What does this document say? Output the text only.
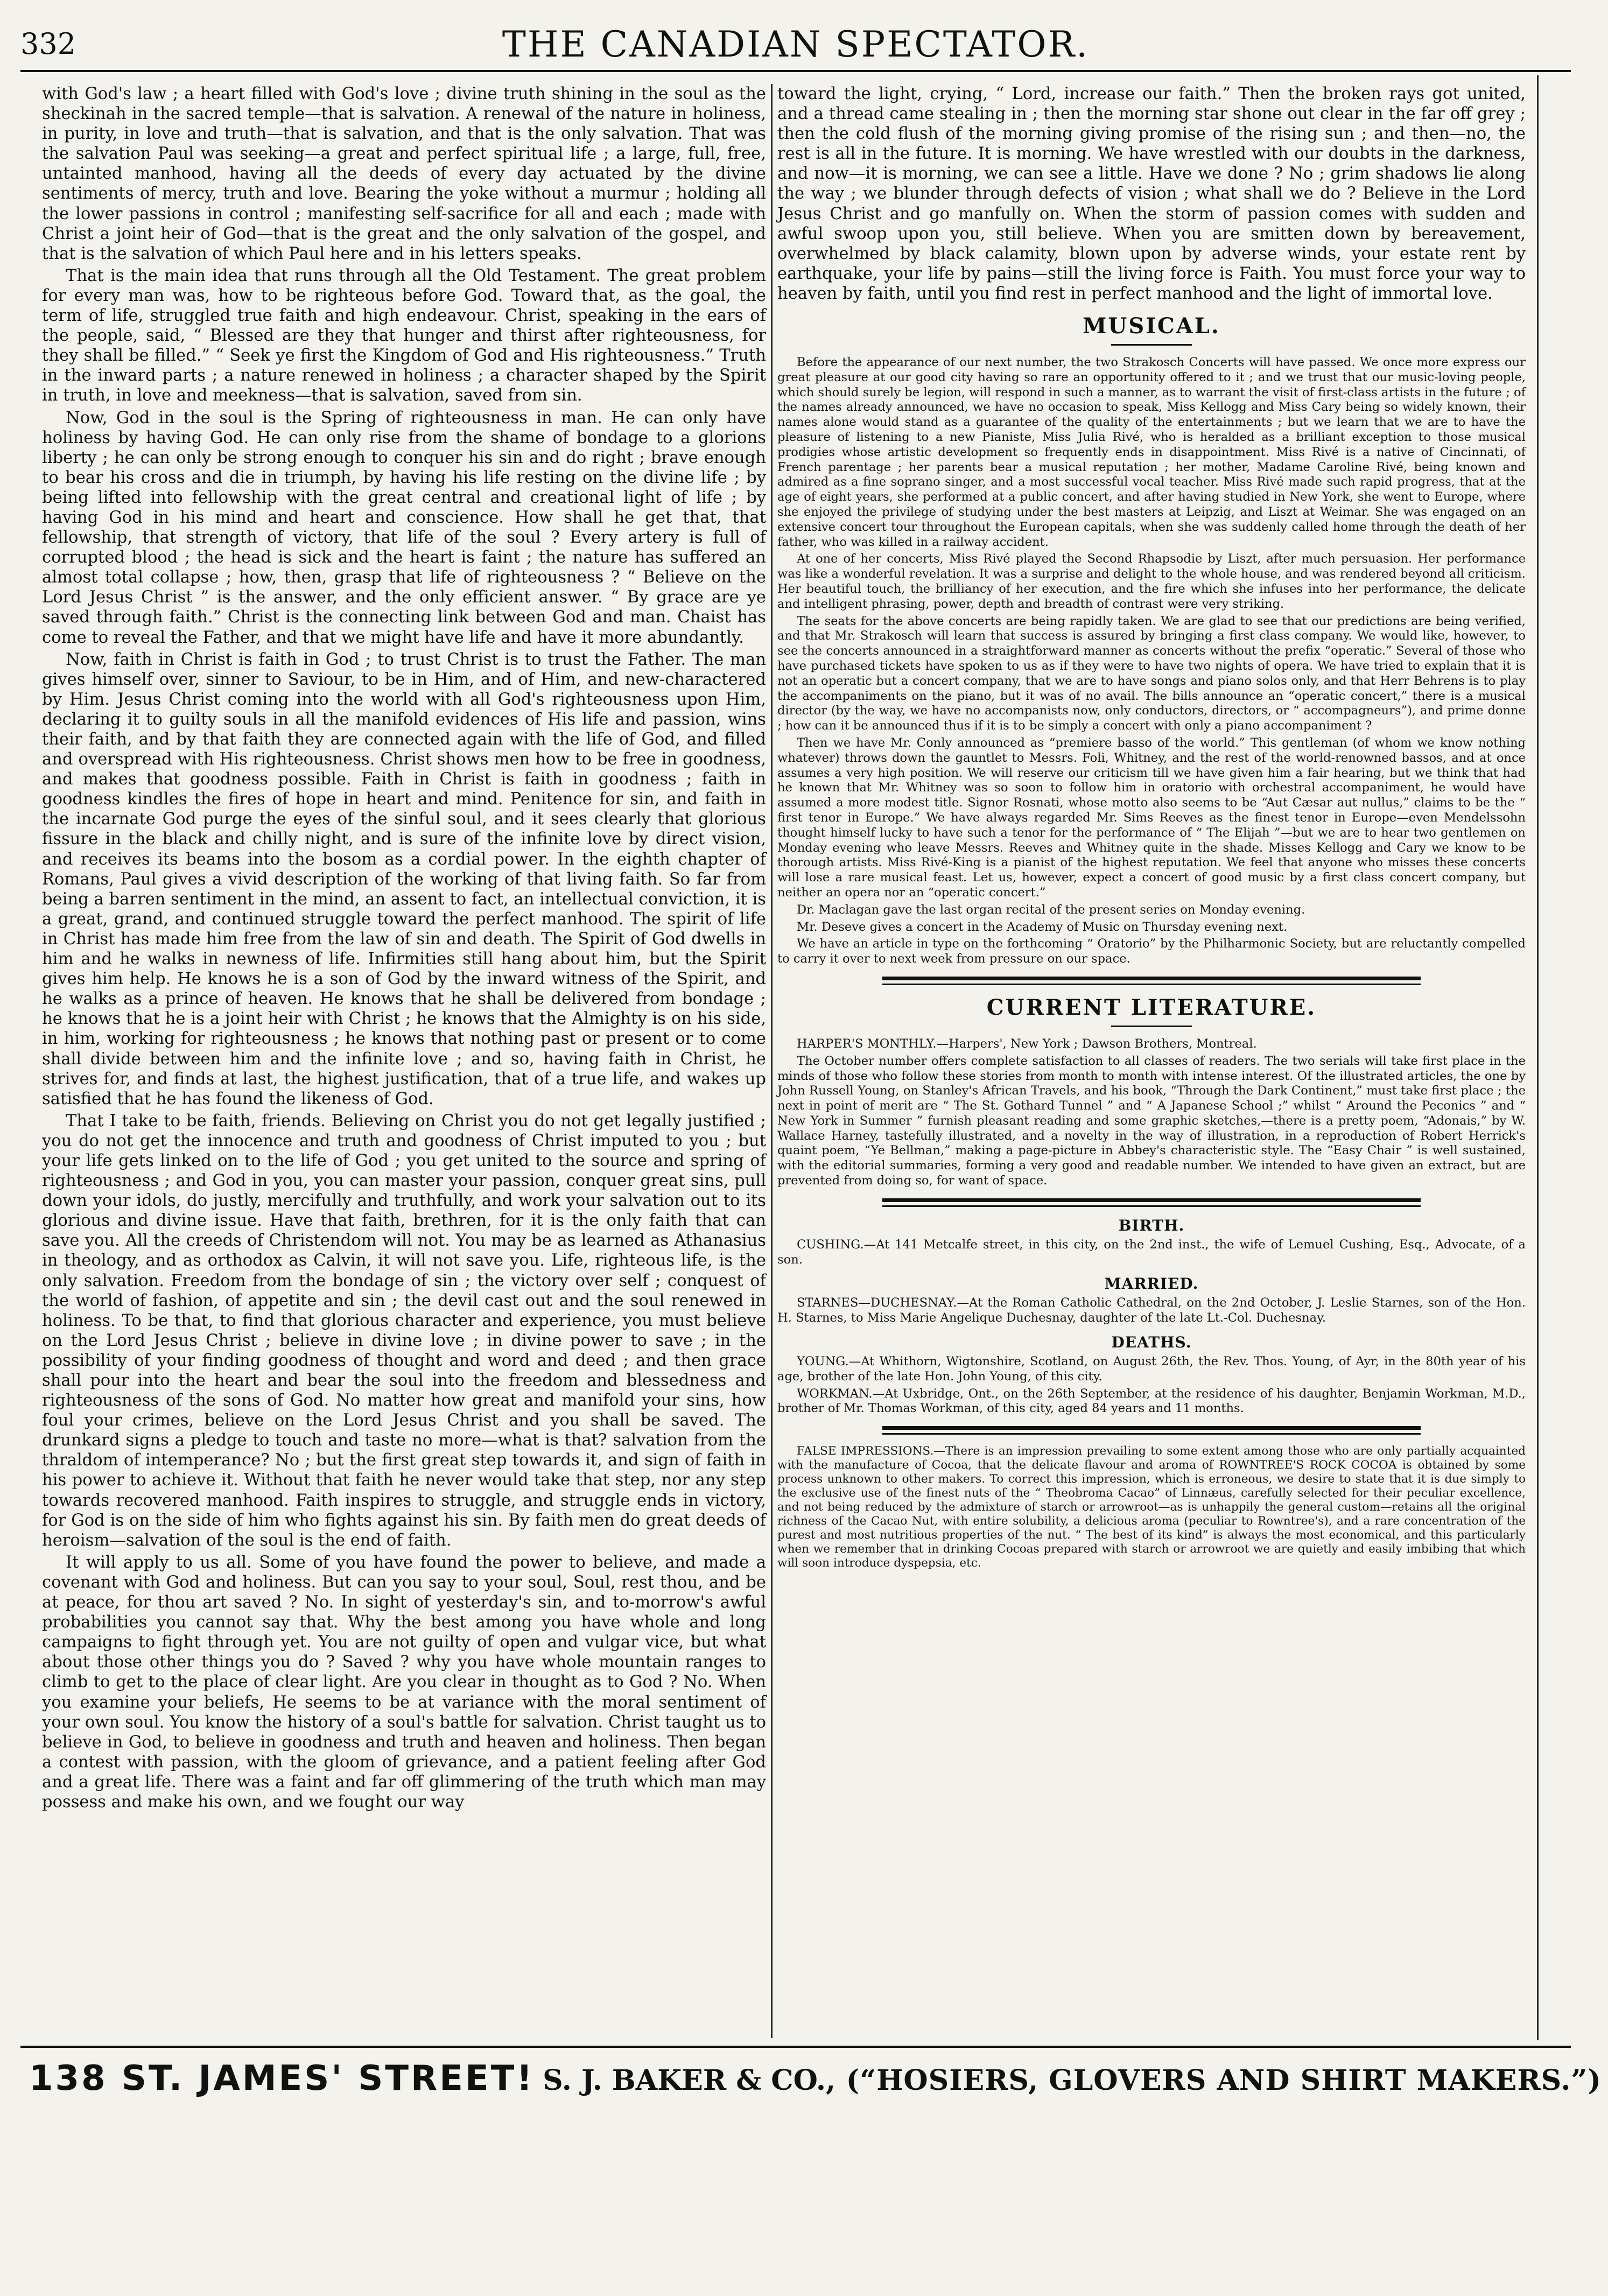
332	THE CANADIAN SPECTATOR.

with God's law ; a heart filled with God's love ; divine truth shining in the soul as the sheckinah in the sacred temple—that is salvation. A renewal of the nature in holiness, in purity, in love and truth—that is salvation, and that is the only salvation. That was the salvation Paul was seeking—a great and perfect spiritual life ; a large, full, free, untainted manhood, having all the deeds of every day actuated by the divine sentiments of mercy, truth and love. Bearing the yoke without a murmur ; holding all the lower passions in control ; manifesting self-sacrifice for all and each ; made with Christ a joint heir of God—that is the great and the only salvation of the gospel, and that is the salvation of which Paul here and in his letters speaks.

That is the main idea that runs through all the Old Testament. The great problem for every man was, how to be righteous before God. Toward that, as the goal, the term of life, struggled true faith and high endeavour. Christ, speaking in the ears of the people, said, “ Blessed are they that hunger and thirst after righteousness, for they shall be filled.” “ Seek ye first the Kingdom of God and His righteousness.” Truth in the inward parts ; a nature renewed in holiness ; a character shaped by the Spirit in truth, in love and meekness—that is salvation, saved from sin.

Now, God in the soul is the Spring of righteousness in man. He can only have holiness by having God. He can only rise from the shame of bondage to a glorions liberty ; he can only be strong enough to conquer his sin and do right ; brave enough to bear his cross and die in triumph, by having his life resting on the divine life ; by being lifted into fellowship with the great central and creational light of life ; by having God in his mind and heart and conscience. How shall he get that, that fellowship, that strength of victory, that life of the soul ? Every artery is full of corrupted blood ; the head is sick and the heart is faint ; the nature has suffered an almost total collapse ; how, then, grasp that life of righteousness ? “ Believe on the Lord Jesus Christ ” is the answer, and the only efficient answer. “ By grace are ye saved through faith.” Christ is the connecting link between God and man. Chaist has come to reveal the Father, and that we might have life and have it more abundantly.

Now, faith in Christ is faith in God ; to trust Christ is to trust the Father. The man gives himself over, sinner to Saviour, to be in Him, and of Him, and new-charactered by Him. Jesus Christ coming into the world with all God's righteousness upon Him, declaring it to guilty souls in all the manifold evidences of His life and passion, wins their faith, and by that faith they are connected again with the life of God, and filled and overspread with His righteousness. Christ shows men how to be free in goodness, and makes that goodness possible. Faith in Christ is faith in goodness ; faith in goodness kindles the fires of hope in heart and mind. Penitence for sin, and faith in the incarnate God purge the eyes of the sinful soul, and it sees clearly that glorious fissure in the black and chilly night, and is sure of the infinite love by direct vision, and receives its beams into the bosom as a cordial power. In the eighth chapter of Romans, Paul gives a vivid description of the working of that living faith. So far from being a barren sentiment in the mind, an assent to fact, an intellectual conviction, it is a great, grand, and continued struggle toward the perfect manhood. The spirit of life in Christ has made him free from the law of sin and death. The Spirit of God dwells in him and he walks in newness of life. Infirmities still hang about him, but the Spirit gives him help. He knows he is a son of God by the inward witness of the Spirit, and he walks as a prince of heaven. He knows that he shall be delivered from bondage ; he knows that he is a joint heir with Christ ; he knows that the Almighty is on his side, in him, working for righteousness ; he knows that nothing past or present or to come shall divide between him and the infinite love ; and so, having faith in Christ, he strives for, and finds at last, the highest justification, that of a true life, and wakes up satisfied that he has found the likeness of God.

That I take to be faith, friends. Believing on Christ you do not get legally justified ; you do not get the innocence and truth and goodness of Christ imputed to you ; but your life gets linked on to the life of God ; you get united to the source and spring of righteousness ; and God in you, you can master your passion, conquer great sins, pull down your idols, do justly, mercifully and truthfully, and work your salvation out to its glorious and divine issue. Have that faith, brethren, for it is the only faith that can save you. All the creeds of Christendom will not. You may be as learned as Athanasius in theology, and as orthodox as Calvin, it will not save you. Life, righteous life, is the only salvation. Freedom from the bondage of sin ; the victory over self ; conquest of the world of fashion, of appetite and sin ; the devil cast out and the soul renewed in holiness. To be that, to find that glorious character and experience, you must believe on the Lord Jesus Christ ; believe in divine love ; in divine power to save ; in the possibility of your finding goodness of thought and word and deed ; and then grace shall pour into the heart and bear the soul into the freedom and blessedness and righteousness of the sons of God. No matter how great and manifold your sins, how foul your crimes, believe on the Lord Jesus Christ and you shall be saved. The drunkard signs a pledge to touch and taste no more—what is that? salvation from the thraldom of intemperance? No ; but the first great step towards it, and sign of faith in his power to achieve it. Without that faith he never would take that step, nor any step towards recovered manhood. Faith inspires to struggle, and struggle ends in victory, for God is on the side of him who fights against his sin. By faith men do great deeds of heroism—salvation of the soul is the end of faith.

It will apply to us all. Some of you have found the power to believe, and made a covenant with God and holiness. But can you say to your soul, Soul, rest thou, and be at peace, for thou art saved ? No. In sight of yesterday's sin, and to-morrow's awful probabilities you cannot say that. Why the best among you have whole and long campaigns to fight through yet. You are not guilty of open and vulgar vice, but what about those other things you do ? Saved ? why you have whole mountain ranges to climb to get to the place of clear light. Are you clear in thought as to God ? No. When you examine your beliefs, He seems to be at variance with the moral sentiment of your own soul. You know the history of a soul's battle for salvation. Christ taught us to believe in God, to believe in goodness and truth and heaven and holiness. Then began a contest with passion, with the gloom of grievance, and a patient feeling after God and a great life. There was a faint and far off glimmering of the truth which man may possess and make his own, and we fought our way

toward the light, crying, “ Lord, increase our faith.” Then the broken rays got united, and a thread came stealing in ; then the morning star shone out clear in the far off grey ; then the cold flush of the morning giving promise of the rising sun ; and then—no, the rest is all in the future. It is morning. We have wrestled with our doubts in the darkness, and now—it is morning, we can see a little. Have we done ? No ; grim shadows lie along the way ; we blunder through defects of vision ; what shall we do ? Believe in the Lord Jesus Christ and go manfully on. When the storm of passion comes with sudden and awful swoop upon you, still believe. When you are smitten down by bereavement, overwhelmed by black calamity, blown upon by adverse winds, your estate rent by earthquake, your life by pains—still the living force is Faith. You must force your way to heaven by faith, until you find rest in perfect manhood and the light of immortal love.

MUSICAL.

Before the appearance of our next number, the two Strakosch Concerts will have passed. We once more express our great pleasure at our good city having so rare an opportunity offered to it ; and we trust that our music-loving people, which should surely be legion, will respond in such a manner, as to warrant the visit of first-class artists in the future ; of the names already announced, we have no occasion to speak, Miss Kellogg and Miss Cary being so widely known, their names alone would stand as a guarantee of the quality of the entertainments ; but we learn that we are to have the pleasure of listening to a new Pianiste, Miss Julia Rivé, who is heralded as a brilliant exception to those musical prodigies whose artistic development so frequently ends in disappointment. Miss Rivé is a native of Cincinnati, of French parentage ; her parents bear a musical reputation ; her mother, Madame Caroline Rivé, being known and admired as a fine soprano singer, and a most successful vocal teacher. Miss Rivé made such rapid progress, that at the age of eight years, she performed at a public concert, and after having studied in New York, she went to Europe, where she enjoyed the privilege of studying under the best masters at Leipzig, and Liszt at Weimar. She was engaged on an extensive concert tour throughout the European capitals, when she was suddenly called home through the death of her father, who was killed in a railway accident.

At one of her concerts, Miss Rivé played the Second Rhapsodie by Liszt, after much persuasion. Her performance was like a wonderful revelation. It was a surprise and delight to the whole house, and was rendered beyond all criticism. Her beautiful touch, the brilliancy of her execution, and the fire which she infuses into her performance, the delicate and intelligent phrasing, power, depth and breadth of contrast were very striking.

The seats for the above concerts are being rapidly taken. We are glad to see that our predictions are being verified, and that Mr. Strakosch will learn that success is assured by bringing a first class company. We would like, however, to see the concerts announced in a straightforward manner as concerts without the prefix “operatic.” Several of those who have purchased tickets have spoken to us as if they were to have two nights of opera. We have tried to explain that it is not an operatic but a concert company, that we are to have songs and piano solos only, and that Herr Behrens is to play the accompaniments on the piano, but it was of no avail. The bills announce an “operatic concert,” there is a musical director (by the way, we have no accompanists now, only conductors, directors, or “ accompagneurs”), and prime donne ; how can it be announced thus if it is to be simply a concert with only a piano accompaniment ?

Then we have Mr. Conly announced as “premiere basso of the world.” This gentleman (of whom we know nothing whatever) throws down the gauntlet to Messrs. Foli, Whitney, and the rest of the world-renowned bassos, and at once assumes a very high position. We will reserve our criticism till we have given him a fair hearing, but we think that had he known that Mr. Whitney was so soon to follow him in oratorio with orchestral accompaniment, he would have assumed a more modest title. Signor Rosnati, whose motto also seems to be “Aut Cæsar aut nullus,” claims to be the “ first tenor in Europe.” We have always regarded Mr. Sims Reeves as the finest tenor in Europe—even Mendelssohn thought himself lucky to have such a tenor for the performance of “ The Elijah ”—but we are to hear two gentlemen on Monday evening who leave Messrs. Reeves and Whitney quite in the shade. Misses Kellogg and Cary we know to be thorough artists. Miss Rivé-King is a pianist of the highest reputation. We feel that anyone who misses these concerts will lose a rare musical feast. Let us, however, expect a concert of good music by a first class concert company, but neither an opera nor an “operatic concert.”

Dr. Maclagan gave the last organ recital of the present series on Monday evening.

Mr. Deseve gives a concert in the Academy of Music on Thursday evening next.

We have an article in type on the forthcoming “ Oratorio” by the Philharmonic Society, but are reluctantly compelled to carry it over to next week from pressure on our space.

CURRENT LITERATURE.

HARPER'S MONTHLY.—Harpers', New York ; Dawson Brothers, Montreal.

The October number offers complete satisfaction to all classes of readers. The two serials will take first place in the minds of those who follow these stories from month to month with intense interest. Of the illustrated articles, the one by John Russell Young, on Stanley's African Travels, and his book, “Through the Dark Continent,” must take first place ; the next in point of merit are “ The St. Gothard Tunnel ” and “ A Japanese School ;” whilst “ Around the Peconics ” and “ New York in Summer ” furnish pleasant reading and some graphic sketches,—there is a pretty poem, “Adonais,” by W. Wallace Harney, tastefully illustrated, and a novelty in the way of illustration, in a reproduction of Robert Herrick's quaint poem, “Ye Bellman,” making a page-picture in Abbey's characteristic style. The “Easy Chair ” is well sustained, with the editorial summaries, forming a very good and readable number. We intended to have given an extract, but are prevented from doing so, for want of space.

BIRTH.

CUSHING.—At 141 Metcalfe street, in this city, on the 2nd inst., the wife of Lemuel Cushing, Esq., Advocate, of a son.

MARRIED.

STARNES—DUCHESNAY.—At the Roman Catholic Cathedral, on the 2nd October, J. Leslie Starnes, son of the Hon. H. Starnes, to Miss Marie Angelique Duchesnay, daughter of the late Lt.-Col. Duchesnay.

DEATHS.

YOUNG.—At Whithorn, Wigtonshire, Scotland, on August 26th, the Rev. Thos. Young, of Ayr, in the 80th year of his age, brother of the late Hon. John Young, of this city.

WORKMAN.—At Uxbridge, Ont., on the 26th September, at the residence of his daughter, Benjamin Workman, M.D., brother of Mr. Thomas Workman, of this city, aged 84 years and 11 months.

FALSE IMPRESSIONS.—There is an impression prevailing to some extent among those who are only partially acquainted with the manufacture of Cocoa, that the delicate flavour and aroma of ROWNTREE'S ROCK COCOA is obtained by some process unknown to other makers. To correct this impression, which is erroneous, we desire to state that it is due simply to the exclusive use of the finest nuts of the “ Theobroma Cacao” of Linnæus, carefully selected for their peculiar excellence, and not being reduced by the admixture of starch or arrowroot—as is unhappily the general custom—retains all the original richness of the Cacao Nut, with entire solubility, a delicious aroma (peculiar to Rowntree's), and a rare concentration of the purest and most nutritious properties of the nut. “ The best of its kind” is always the most economical, and this particularly when we remember that in drinking Cocoas prepared with starch or arrowroot we are quietly and easily imbibing that which will soon introduce dyspepsia, etc.

138 ST. JAMES' STREET! S. J. BAKER & CO., (“HOSIERS, GLOVERS AND SHIRT MAKERS.”)
